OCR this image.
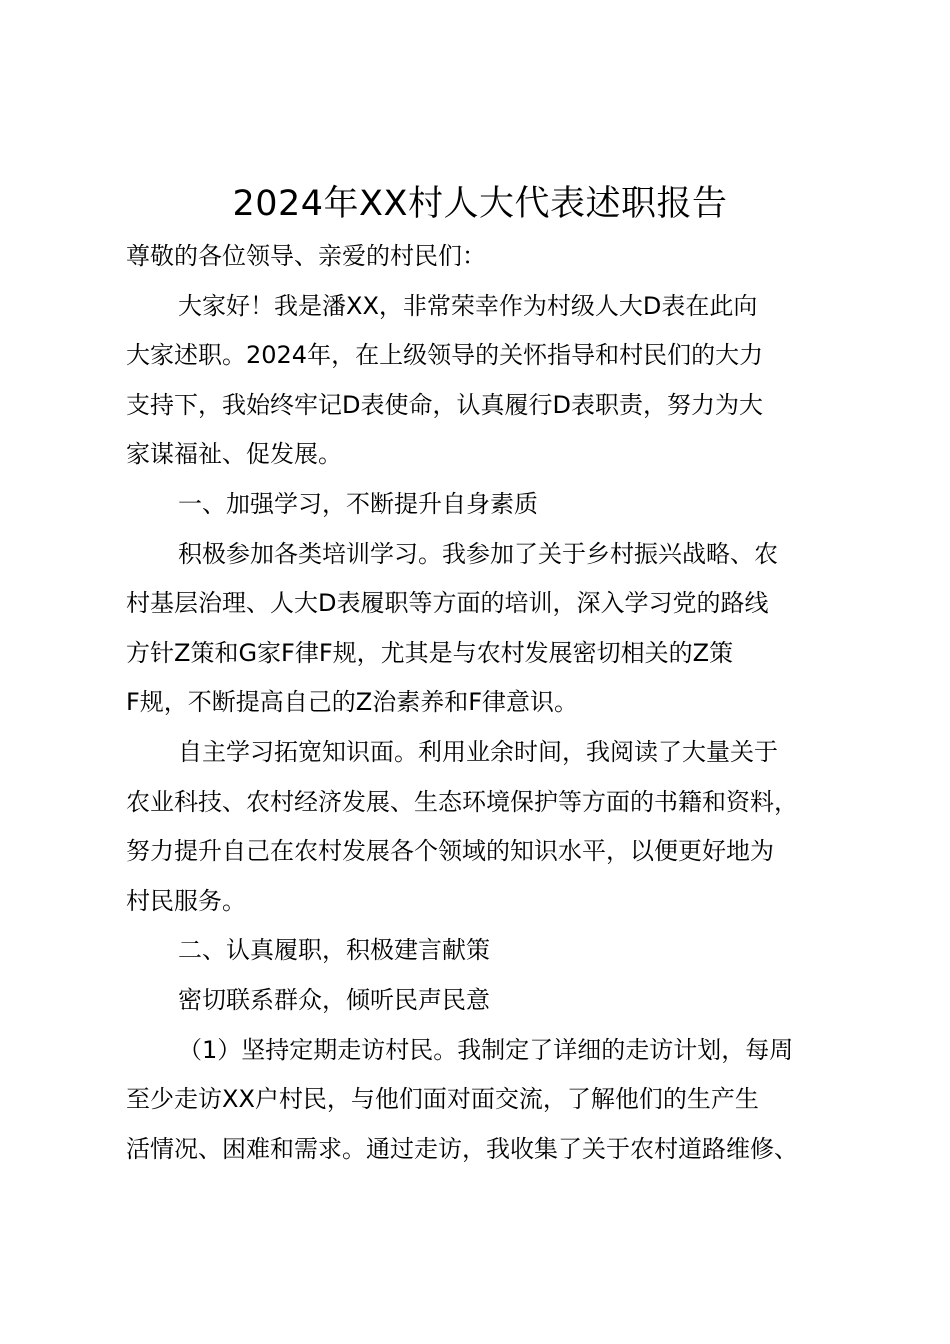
2024年XX村人大代表述职报告
尊敬的各位领导、亲爱的村民们：
大家好！我是潘XX，非常荣幸作为村级人大D表在此向
大家述职。2024年，在上级领导的关怀指导和村民们的大力
支持下，我始终牢记D表使命，认真履行D表职责，努力为大
家谋福祉、促发展。
一、加强学习，不断提升自身素质
积极参加各类培训学习。我参加了关于乡村振兴战略、农
村基层治理、人大D表履职等方面的培训，深入学习党的路线
方针Z策和G家F律F规，尤其是与农村发展密切相关的Z策
F规，不断提高自己的Z治素养和F律意识。
自主学习拓宽知识面。利用业余时间，我阅读了大量关于
农业科技、农村经济发展、生态环境保护等方面的书籍和资料，
努力提升自己在农村发展各个领域的知识水平，以便更好地为
村民服务。
二、认真履职，积极建言献策
密切联系群众，倾听民声民意
（1）坚持定期走访村民。我制定了详细的走访计划，每周
至少走访XX户村民，与他们面对面交流，了解他们的生产生
活情况、困难和需求。通过走访，我收集了关于农村道路维修、
